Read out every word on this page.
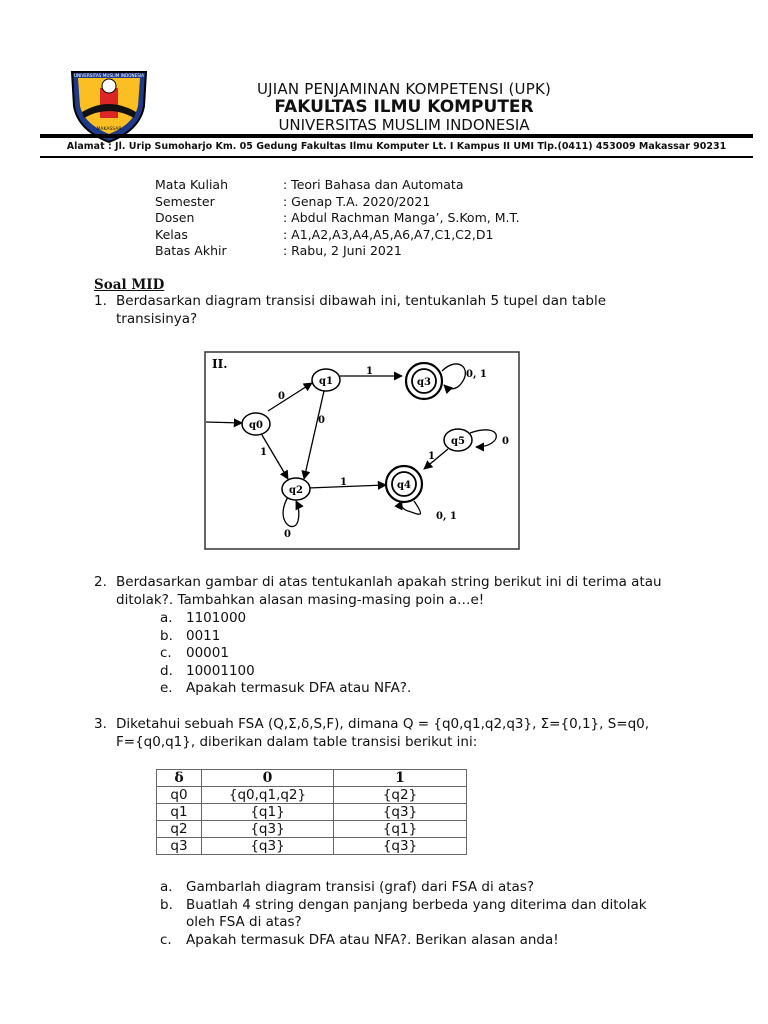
UNIVERSITAS MUSLIM INDONESIA
MAKASSAR
UJIAN PENJAMINAN KOMPETENSI (UPK)
FAKULTAS ILMU KOMPUTER
UNIVERSITAS MUSLIM INDONESIA
Alamat : Jl. Urip Sumoharjo Km. 05 Gedung Fakultas Ilmu Komputer Lt. I Kampus II UMI Tlp.(0411) 453009 Makassar 90231
Mata Kuliah	: Teori Bahasa dan Automata
Semester	: Genap T.A. 2020/2021
Dosen	: Abdul Rachman Manga’, S.Kom, M.T.
Kelas	: A1,A2,A3,A4,A5,A6,A7,C1,C2,D1
Batas Akhir	: Rabu, 2 Juni 2021
Soal MID
1. Berdasarkan diagram transisi dibawah ini, tentukanlah 5 tupel dan table
transisinya?
II.
0
1
0
1	0, 1
0
1
0, 1
0
1
q0
q1
q2
q3
q4
q5
2. Berdasarkan gambar di atas tentukanlah apakah string berikut ini di terima atau
ditolak?. Tambahkan alasan masing-masing poin a…e!
a. 1101000
b. 0011
c. 00001
d. 10001100
e. Apakah termasuk DFA atau NFA?.
3. Diketahui sebuah FSA (Q,Σ,δ,S,F), dimana Q = {q0,q1,q2,q3}, Σ={0,1}, S=q0,
F={q0,q1}, diberikan dalam table transisi berikut ini:
δ	0	1
q0	{q0,q1,q2}	{q2}
q1	{q1}	{q3}
q2	{q3}	{q1}
q3	{q3}	{q3}
a. Gambarlah diagram transisi (graf) dari FSA di atas?
b. Buatlah 4 string dengan panjang berbeda yang diterima dan ditolak
oleh FSA di atas?
c. Apakah termasuk DFA atau NFA?. Berikan alasan anda!
